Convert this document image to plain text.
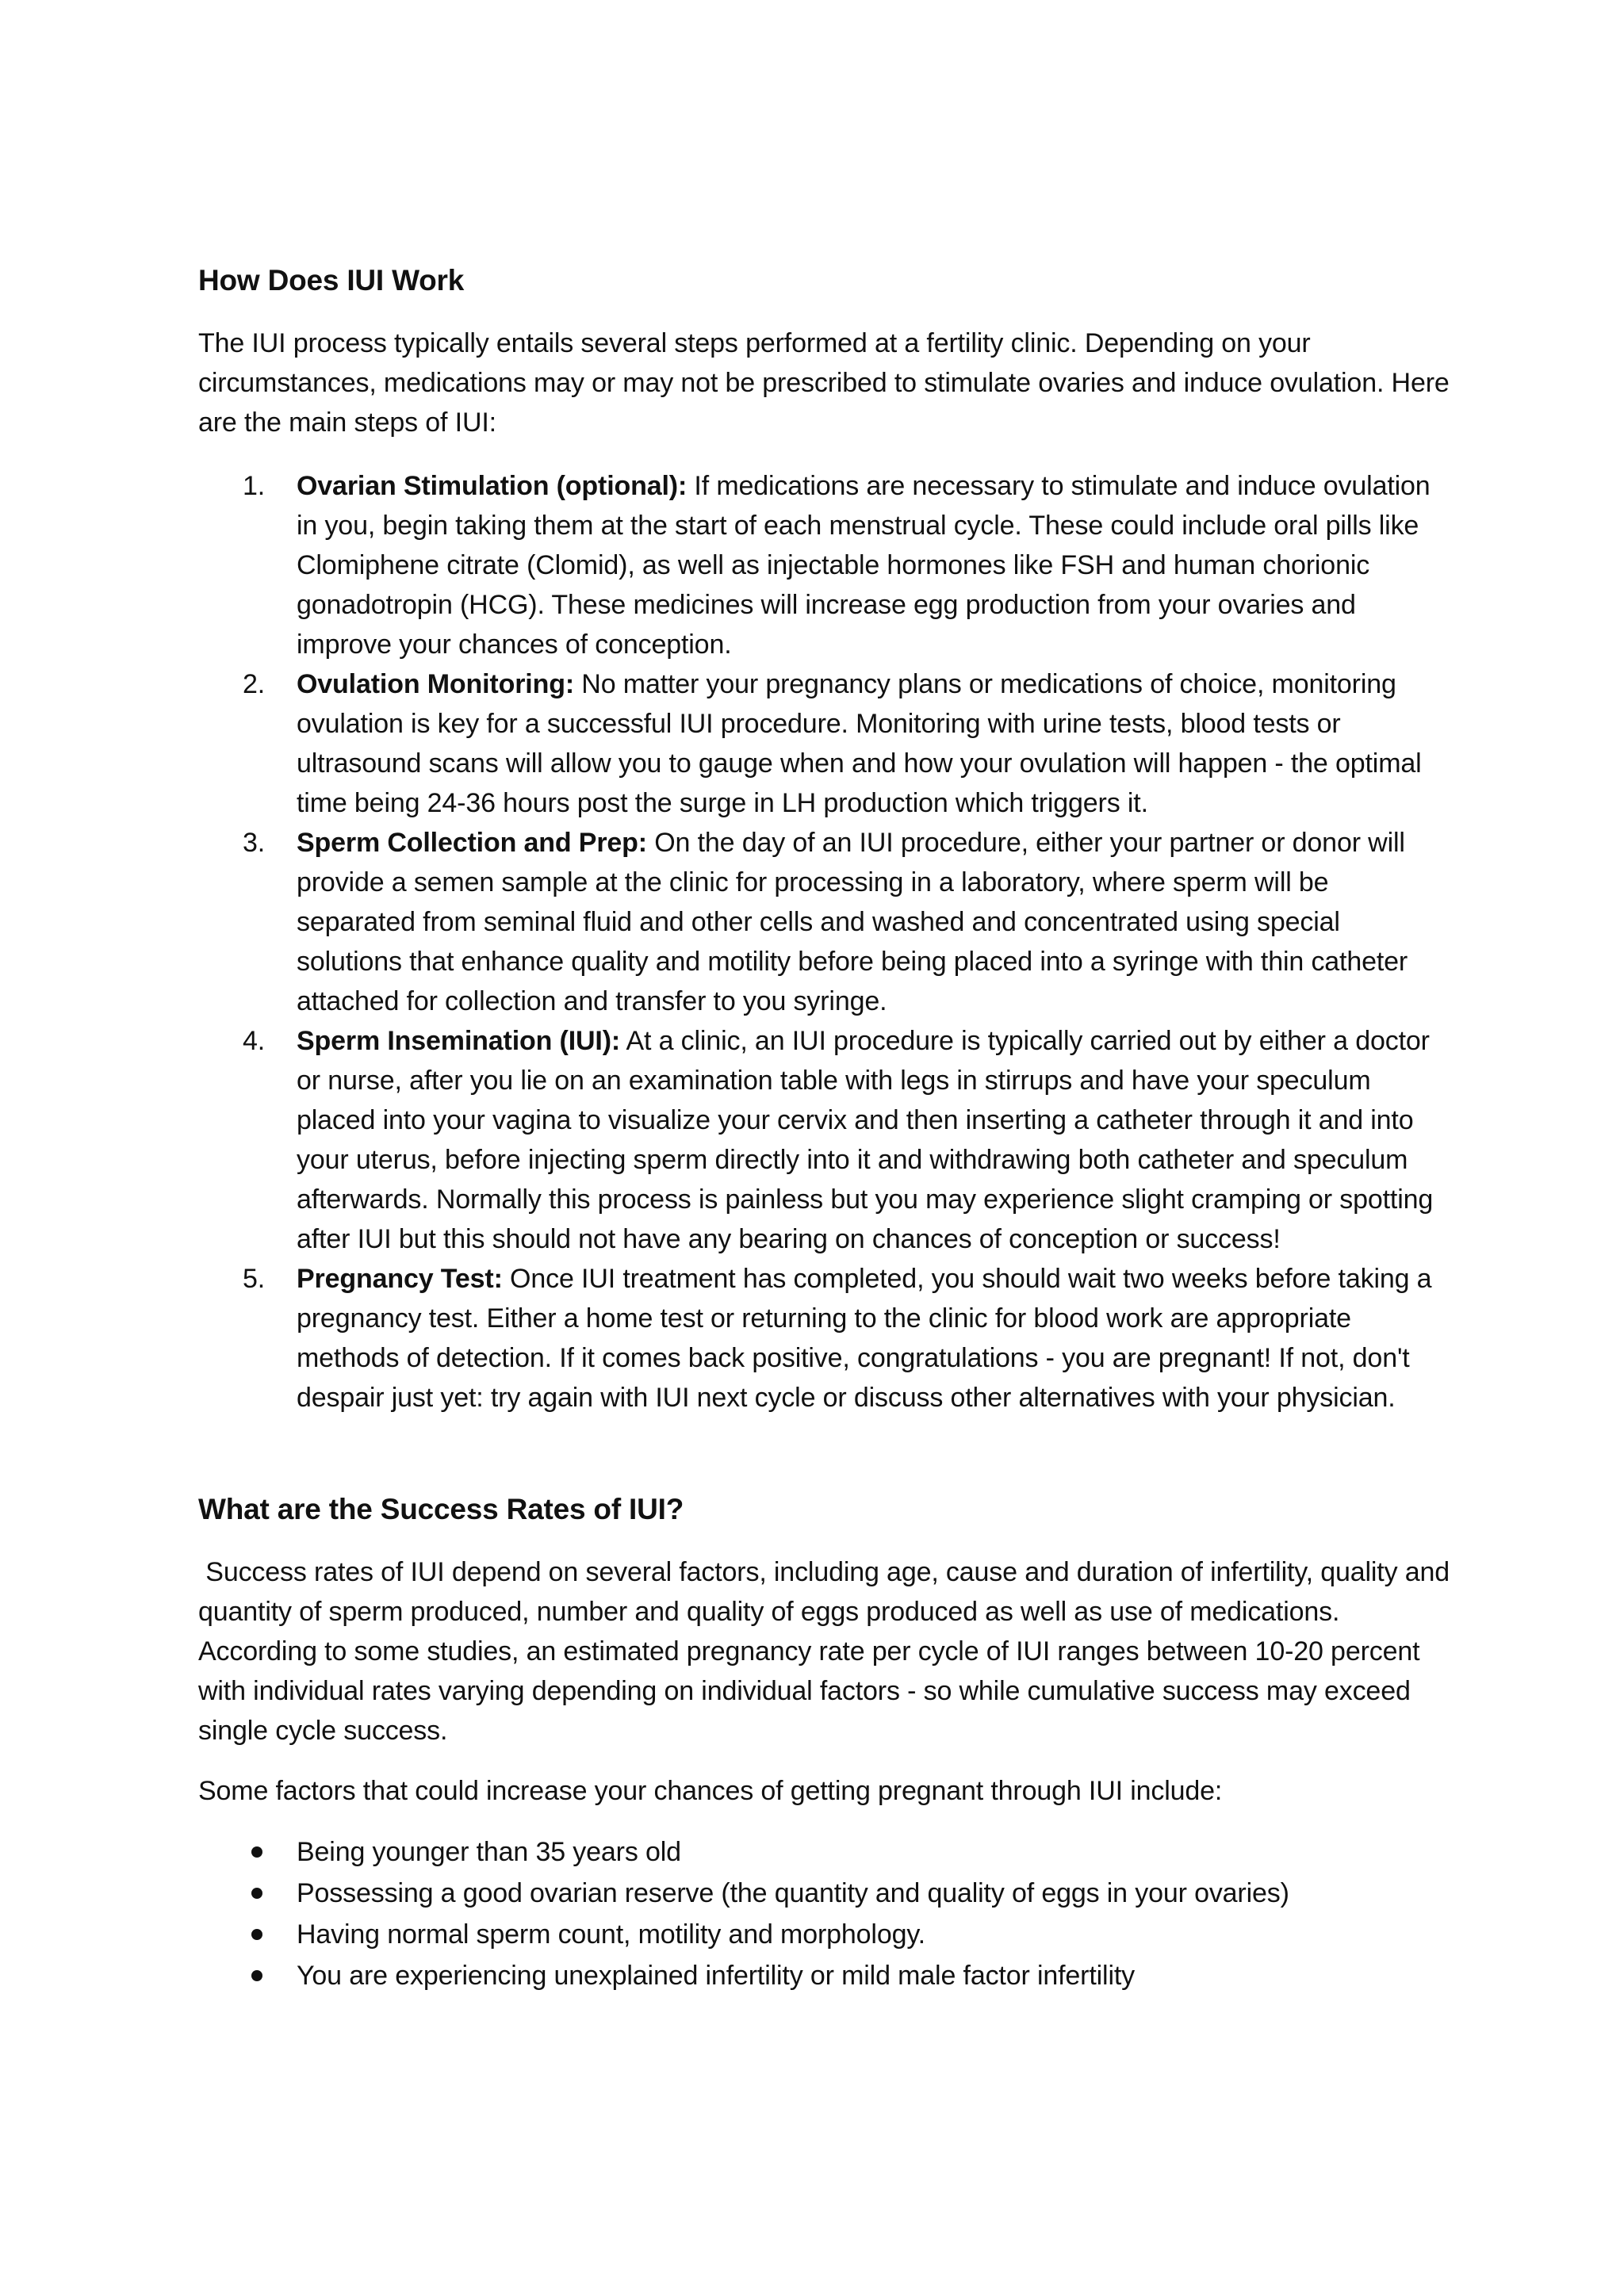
How Does IUI Work

The IUI process typically entails several steps performed at a fertility clinic. Depending on your circumstances, medications may or may not be prescribed to stimulate ovaries and induce ovulation. Here are the main steps of IUI:

1. Ovarian Stimulation (optional): If medications are necessary to stimulate and induce ovulation in you, begin taking them at the start of each menstrual cycle. These could include oral pills like Clomiphene citrate (Clomid), as well as injectable hormones like FSH and human chorionic gonadotropin (HCG). These medicines will increase egg production from your ovaries and improve your chances of conception.
2. Ovulation Monitoring: No matter your pregnancy plans or medications of choice, monitoring ovulation is key for a successful IUI procedure. Monitoring with urine tests, blood tests or ultrasound scans will allow you to gauge when and how your ovulation will happen - the optimal time being 24-36 hours post the surge in LH production which triggers it.
3. Sperm Collection and Prep: On the day of an IUI procedure, either your partner or donor will provide a semen sample at the clinic for processing in a laboratory, where sperm will be separated from seminal fluid and other cells and washed and concentrated using special solutions that enhance quality and motility before being placed into a syringe with thin catheter attached for collection and transfer to you syringe.
4. Sperm Insemination (IUI): At a clinic, an IUI procedure is typically carried out by either a doctor or nurse, after you lie on an examination table with legs in stirrups and have your speculum placed into your vagina to visualize your cervix and then inserting a catheter through it and into your uterus, before injecting sperm directly into it and withdrawing both catheter and speculum afterwards. Normally this process is painless but you may experience slight cramping or spotting after IUI but this should not have any bearing on chances of conception or success!
5. Pregnancy Test: Once IUI treatment has completed, you should wait two weeks before taking a pregnancy test. Either a home test or returning to the clinic for blood work are appropriate methods of detection. If it comes back positive, congratulations - you are pregnant! If not, don't despair just yet: try again with IUI next cycle or discuss other alternatives with your physician.
What are the Success Rates of IUI?

Success rates of IUI depend on several factors, including age, cause and duration of infertility, quality and quantity of sperm produced, number and quality of eggs produced as well as use of medications. According to some studies, an estimated pregnancy rate per cycle of IUI ranges between 10-20 percent with individual rates varying depending on individual factors - so while cumulative success may exceed single cycle success.

Some factors that could increase your chances of getting pregnant through IUI include:

Being younger than 35 years old
Possessing a good ovarian reserve (the quantity and quality of eggs in your ovaries)
Having normal sperm count, motility and morphology.
You are experiencing unexplained infertility or mild male factor infertility
